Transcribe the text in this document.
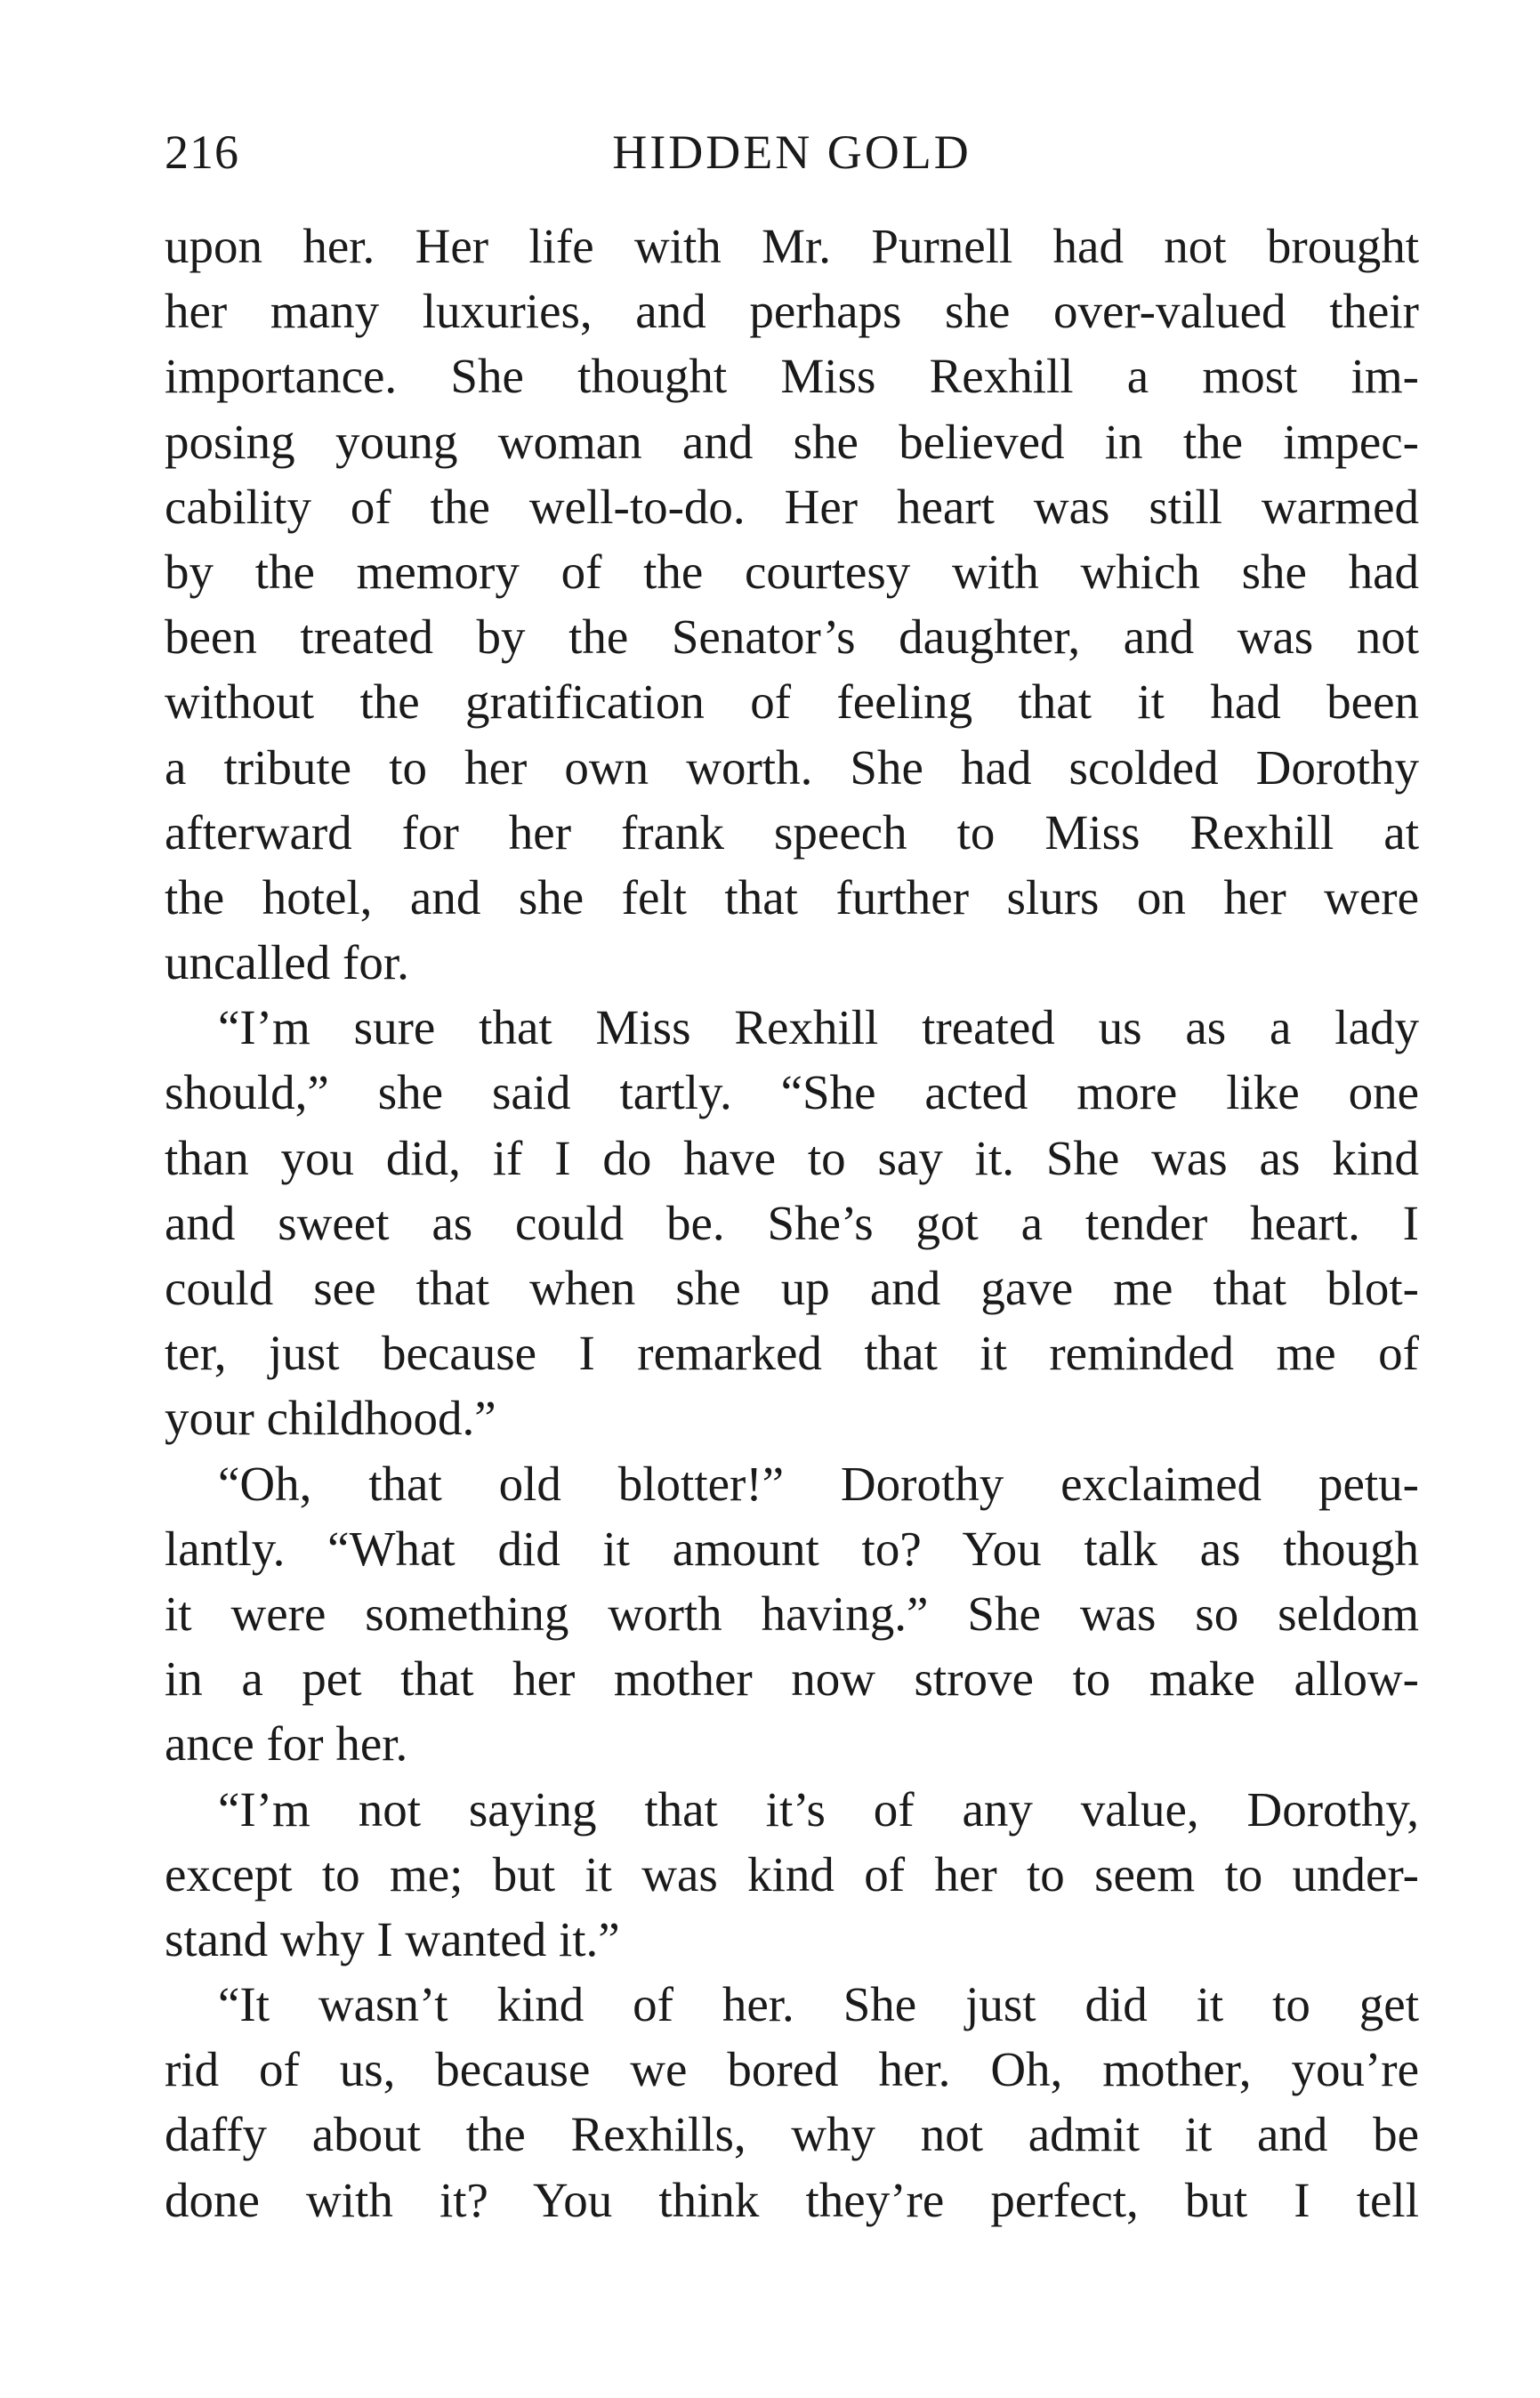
216	HIDDEN GOLD
upon her. Her life with Mr. Purnell had not brought
her many luxuries, and perhaps she over-valued their
importance. She thought Miss Rexhill a most im-
posing young woman and she believed in the impec-
cability of the well-to-do. Her heart was still warmed
by the memory of the courtesy with which she had
been treated by the Senator’s daughter, and was not
without the gratification of feeling that it had been
a tribute to her own worth. She had scolded Dorothy
afterward for her frank speech to Miss Rexhill at
the hotel, and she felt that further slurs on her were
uncalled for.
“I’m sure that Miss Rexhill treated us as a lady
should,” she said tartly. “She acted more like one
than you did, if I do have to say it. She was as kind
and sweet as could be. She’s got a tender heart. I
could see that when she up and gave me that blot-
ter, just because I remarked that it reminded me of
your childhood.”
“Oh, that old blotter!” Dorothy exclaimed petu-
lantly. “What did it amount to? You talk as though
it were something worth having.” She was so seldom
in a pet that her mother now strove to make allow-
ance for her.
“I’m not saying that it’s of any value, Dorothy,
except to me; but it was kind of her to seem to under-
stand why I wanted it.”
“It wasn’t kind of her. She just did it to get
rid of us, because we bored her. Oh, mother, you’re
daffy about the Rexhills, why not admit it and be
done with it? You think they’re perfect, but I tell
